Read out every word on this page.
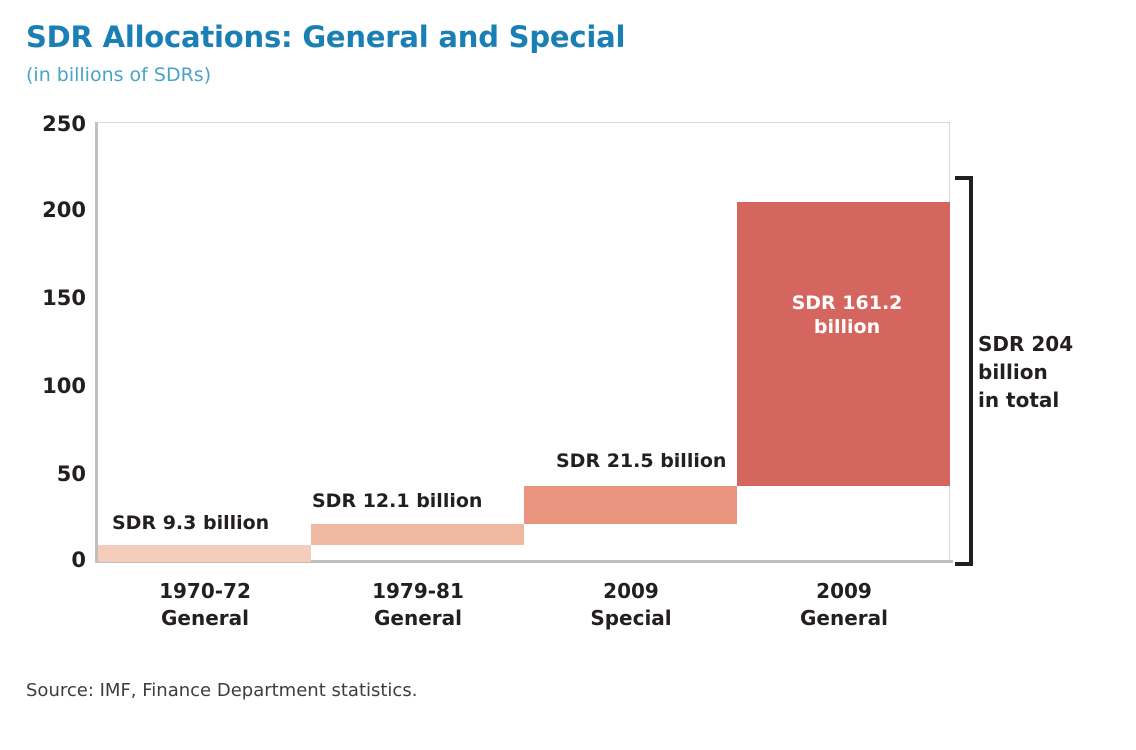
SDR Allocations: General and Special
(in billions of SDRs)
250
200
150
100
50
0
SDR 9.3 billion
SDR 12.1 billion
SDR 21.5 billion
SDR 161.2
billion
1970-72
General
1979-81
General
2009
Special
2009
General
SDR 204
billion
in total
Source: IMF, Finance Department statistics.
